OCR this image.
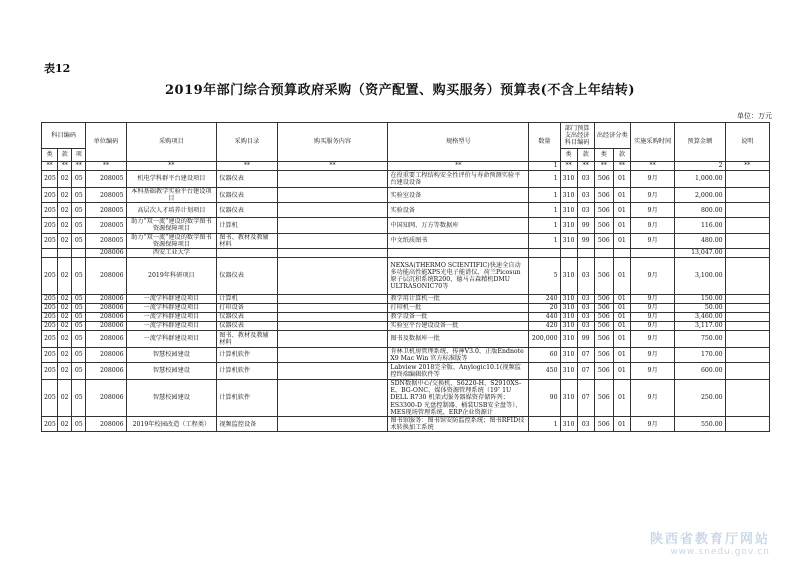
表12
2019年部门综合预算政府采购（资产配置、购买服务）预算表(不含上年结转)
单位：万元
科目编码			单位编码	采购项目	采购目录	购买服务内容	规格型号	数量	部门预算支出经济科目编码		出经济分类		实施采购时间	预算金额	说明
类	款	项							类	款	类	款			
**	**	**	**	**	**	**	**	1	**	**	**	**	**	2	**
205	02	05	208005	机电学科群平台建设项目	仪器仪表		在役重要工程结构安全性评价与寿命预测实验平台建设设备	1	310	03	506	01	9月	1,000.00	
205	02	05	208005	本科基础教学实验平台建设项目	仪器仪表		实验室设备	1	310	03	506	01	9月	2,000.00	
205	02	05	208005	高层次人才培养计划项目	仪器仪表		实验设备	1	310	03	506	01	9月	800.00	
205	02	05	208005	助力“双一流”建设的数字图书资源保障项目	计算机		中国知网、万方等数据库	1	310	99	506	01	9月	116.00	
205	02	05	208005	助力“双一流”建设的数字图书资源保障项目	图书、教材及教辅材料		中文纸质图书	1	310	99	506	01	9月	480.00	
			208006	西安工业大学										13,047.00	
205	02	05	208006	2019年科研项目	仪器仪表		NEXSA(THERMO SCIENTIFIC)快速全自动多功能高性能XPS光电子能谱仪、荷兰Picosun原子层沉积系统R200、德马吉森精机DMU ULTRASONIC70等	5	310	03	506	01	9月	3,100.00	
205	02	05	208006	一流学科群建设项目	计算机		教学用计算机一批	240	310	03	506	01	9月	150.00	
205	02	05	208006	一流学科群建设项目	打印设备		打印机一批	20	310	03	506	01	9月	50.00	
205	02	05	208006	一流学科群建设项目	仪器仪表		教学设备一批	440	310	03	506	01	9月	3,460.00	
205	02	05	208006	一流学科群建设项目	仪器仪表		实验室平台建设设备一批	420	310	03	506	01	9月	3,117.00	
205	02	05	208006	一流学科群建设项目	图书、教材及教辅材料		图书及数据库一批	200,000	310	99	506	01	9月	750.00	
205	02	05	208006	智慧校园建设	计算机软件		肯林卫机房管理系统、传神V3.0、正版Endnote X9 Mac Win 官方标准版等	60	310	07	506	01	9月	170.00	
205	02	05	208006	智慧校园建设	计算机软件		Labview 2018完全版、Anylogic10.1(视频监控终端编辑软件等	450	310	07	506	01	9月	600.00	
205	02	05	208006	智慧校园建设	计算机软件		SDN数据中心/交换机、S6220-H、S2910XS-E、BG-ONC、媒体资源管理系统（19″ 1U DELL R730 机架式服务器媒资存储阵列；ES3300-D 光盘控制器、桶装USB安全盘等）、MES现场管理系统、ERP企业资源计	90	310	07	506	01	9月	250.00	
205	02	05	208006	2019年校园改造（工程类）	视频监控设备		图书馆服务：图书馆安防监控系统；图书RFID技术转换加工系统	1	310	03	506	01	9月	550.00	
陕西省教育厅网站
www.snedu.gov.cn
